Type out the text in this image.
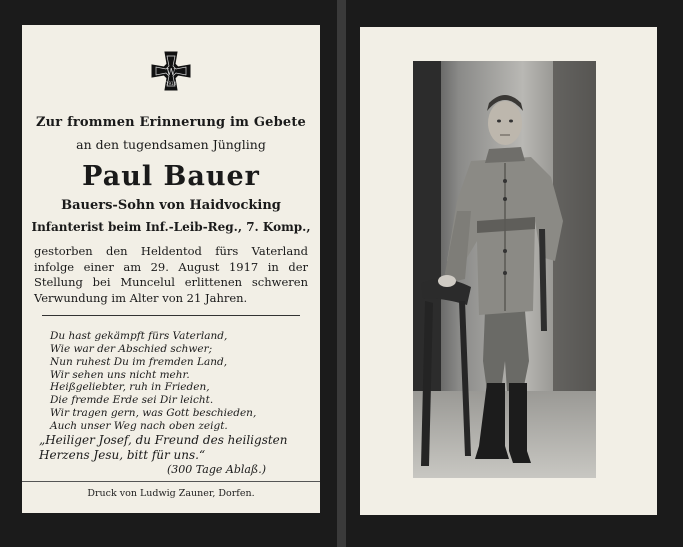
W
1914
Zur frommen Erinnerung im Gebete
an den tugendsamen Jüngling
Paul Bauer
Bauers-Sohn von Haidvocking
Infanterist beim Inf.-Leib-Reg., 7. Komp.,
gestorben den Heldentod fürs Vaterland infolge einer am 29. August 1917 in der Stellung bei Muncelul erlittenen schweren Verwundung im Alter von 21 Jahren.
Du hast gekämpft fürs Vaterland,
Wie war der Abschied schwer;
Nun ruhest Du im fremden Land,
Wir sehen uns nicht mehr.
Heißgeliebter, ruh in Frieden,
Die fremde Erde sei Dir leicht.
Wir tragen gern, was Gott beschieden,
Auch unser Weg nach oben zeigt.
„Heiliger Josef, du Freund des heiligsten Herzens Jesu, bitt für uns.“
(300 Tage Ablaß.)
Druck von Ludwig Zauner, Dorfen.
